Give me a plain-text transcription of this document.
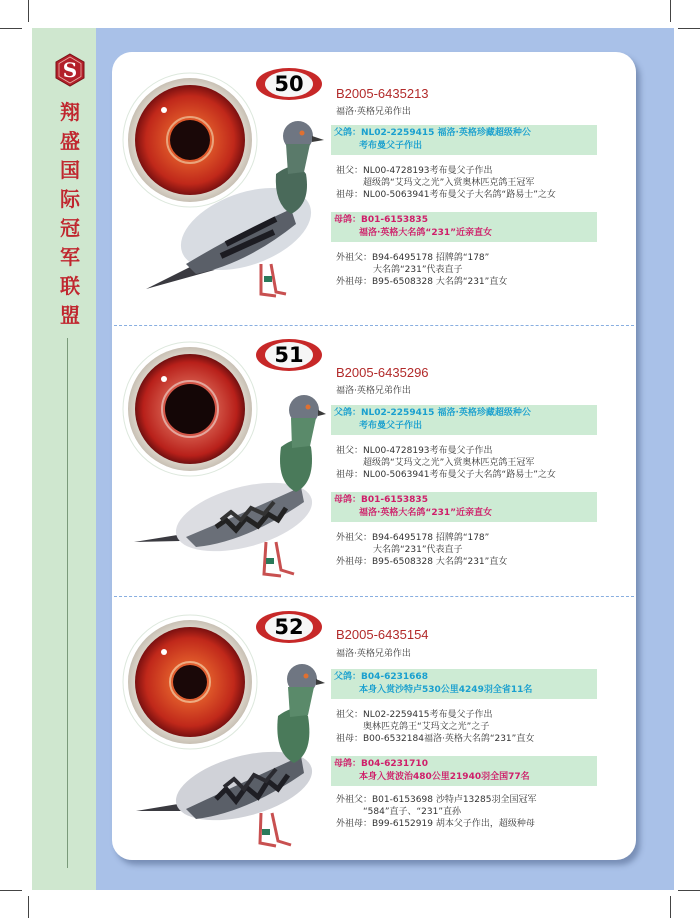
S
翔
盛
国
际
冠
军
联
盟
50	B2005-6435213
福洛·英格兄弟作出
父鸽：NL02-2259415 福洛·英格珍藏超级种公
考布曼父子作出
祖父：NL00-4728193考布曼父子作出
超级鸽“艾玛文之光”入赏奥林匹克鸽王冠军
祖母：NL00-5063941考布曼父子大名鸽“路易士”之女
母鸽：B01-6153835
福洛·英格大名鸽“231”近亲直女
外祖父：B94-6495178 招牌鸽“178”
大名鸽“231”代表直子
外祖母：B95-6508328 大名鸽“231”直女
51
B2005-6435296
福洛·英格兄弟作出
父鸽：NL02-2259415 福洛·英格珍藏超级种公
考布曼父子作出
祖父：NL00-4728193考布曼父子作出
超级鸽“艾玛文之光”入赏奥林匹克鸽王冠军
祖母：NL00-5063941考布曼父子大名鸽“路易士”之女
母鸽：B01-6153835
福洛·英格大名鸽“231”近亲直女
外祖父：B94-6495178 招牌鸽“178”
大名鸽“231”代表直子
外祖母：B95-6508328 大名鸽“231”直女
52	B2005-6435154
福洛·英格兄弟作出
父鸽：B04-6231668
本身入赏沙特卢530公里4249羽全省11名
祖父：NL02-2259415考布曼父子作出
奥林匹克鸽王“艾玛文之光”之子
祖母：B00-6532184福洛·英格大名鸽“231”直女
母鸽：B04-6231710
本身入赏波治480公里21940羽全国77名
外祖父：B01-6153698 沙特卢13285羽全国冠军
“584”直子、“231”直孙
外祖母：B99-6152919 胡本父子作出，超级种母
